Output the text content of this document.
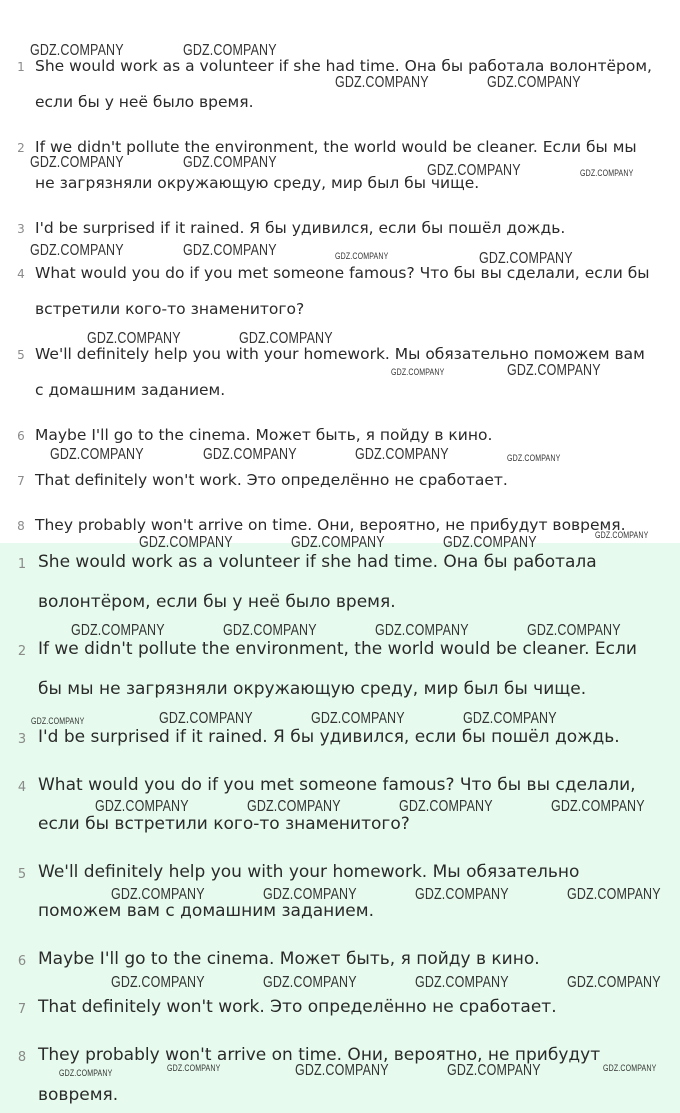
1 She would work as a volunteer if she had time. Она бы работала волонтёром,
если бы у неё было время.
2 If we didn't pollute the environment, the world would be cleaner. Если бы мы
не загрязняли окружающую среду, мир был бы чище.
3 I'd be surprised if it rained. Я бы удивился, если бы пошёл дождь.
4 What would you do if you met someone famous? Что бы вы сделали, если бы
встретили кого-то знаменитого?
5 We'll definitely help you with your homework. Мы обязательно поможем вам
с домашним заданием.
6 Maybe I'll go to the cinema. Может быть, я пойду в кино.
7 That definitely won't work. Это определённо не сработает.
8 They probably won't arrive on time. Они, вероятно, не прибудут вовремя.
1 She would work as a volunteer if she had time. Она бы работала
волонтёром, если бы у неё было время.
2 If we didn't pollute the environment, the world would be cleaner. Если
бы мы не загрязняли окружающую среду, мир был бы чище.
3 I'd be surprised if it rained. Я бы удивился, если бы пошёл дождь.
4 What would you do if you met someone famous? Что бы вы сделали,
если бы встретили кого-то знаменитого?
5 We'll definitely help you with your homework. Мы обязательно
поможем вам с домашним заданием.
6 Maybe I'll go to the cinema. Может быть, я пойду в кино.
7 That definitely won't work. Это определённо не сработает.
8 They probably won't arrive on time. Они, вероятно, не прибудут
вовремя.
GDZ.COMPANY	GDZ.COMPANY
GDZ.COMPANY	GDZ.COMPANY
GDZ.COMPANY	GDZ.COMPANY	GDZ.COMPANY	GDZ.COMPANY
GDZ.COMPANY	GDZ.COMPANY	GDZ.COMPANY	GDZ.COMPANY
GDZ.COMPANY	GDZ.COMPANY
GDZ.COMPANY	GDZ.COMPANY
GDZ.COMPANY	GDZ.COMPANY	GDZ.COMPANY	GDZ.COMPANY
GDZ.COMPANY	GDZ.COMPANY	GDZ.COMPANY	GDZ.COMPANY
GDZ.COMPANY	GDZ.COMPANY	GDZ.COMPANY	GDZ.COMPANY
GDZ.COMPANY	GDZ.COMPANY	GDZ.COMPANY	GDZ.COMPANY
GDZ.COMPANY	GDZ.COMPANY	GDZ.COMPANY	GDZ.COMPANY
GDZ.COMPANY	GDZ.COMPANY	GDZ.COMPANY	GDZ.COMPANY
GDZ.COMPANY	GDZ.COMPANY	GDZ.COMPANY	GDZ.COMPANY
GDZ.COMPANY	GDZ.COMPANY	GDZ.COMPANY	GDZ.COMPANY	GDZ.COMPANY
